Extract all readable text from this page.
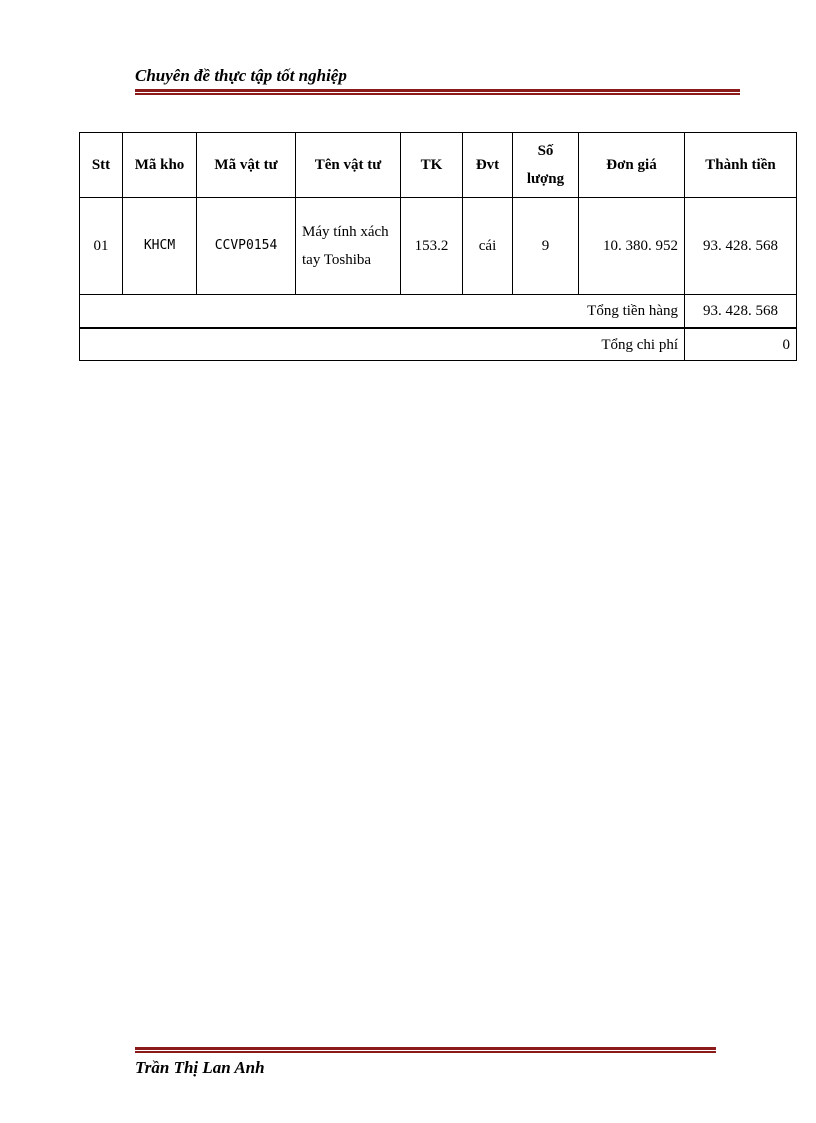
Chuyên đề thực tập tốt nghiệp
Stt	Mã kho	Mã vật tư	Tên vật tư	TK	Đvt	Số lượng	Đơn giá	Thành tiền
01	KHCM	CCVP0154	Máy tính xách tay Toshiba	153.2	cái	9	10. 380. 952	93. 428. 568
Tổng tiền hàng								93. 428. 568
Tổng chi phí								0
Trần Thị Lan Anh
